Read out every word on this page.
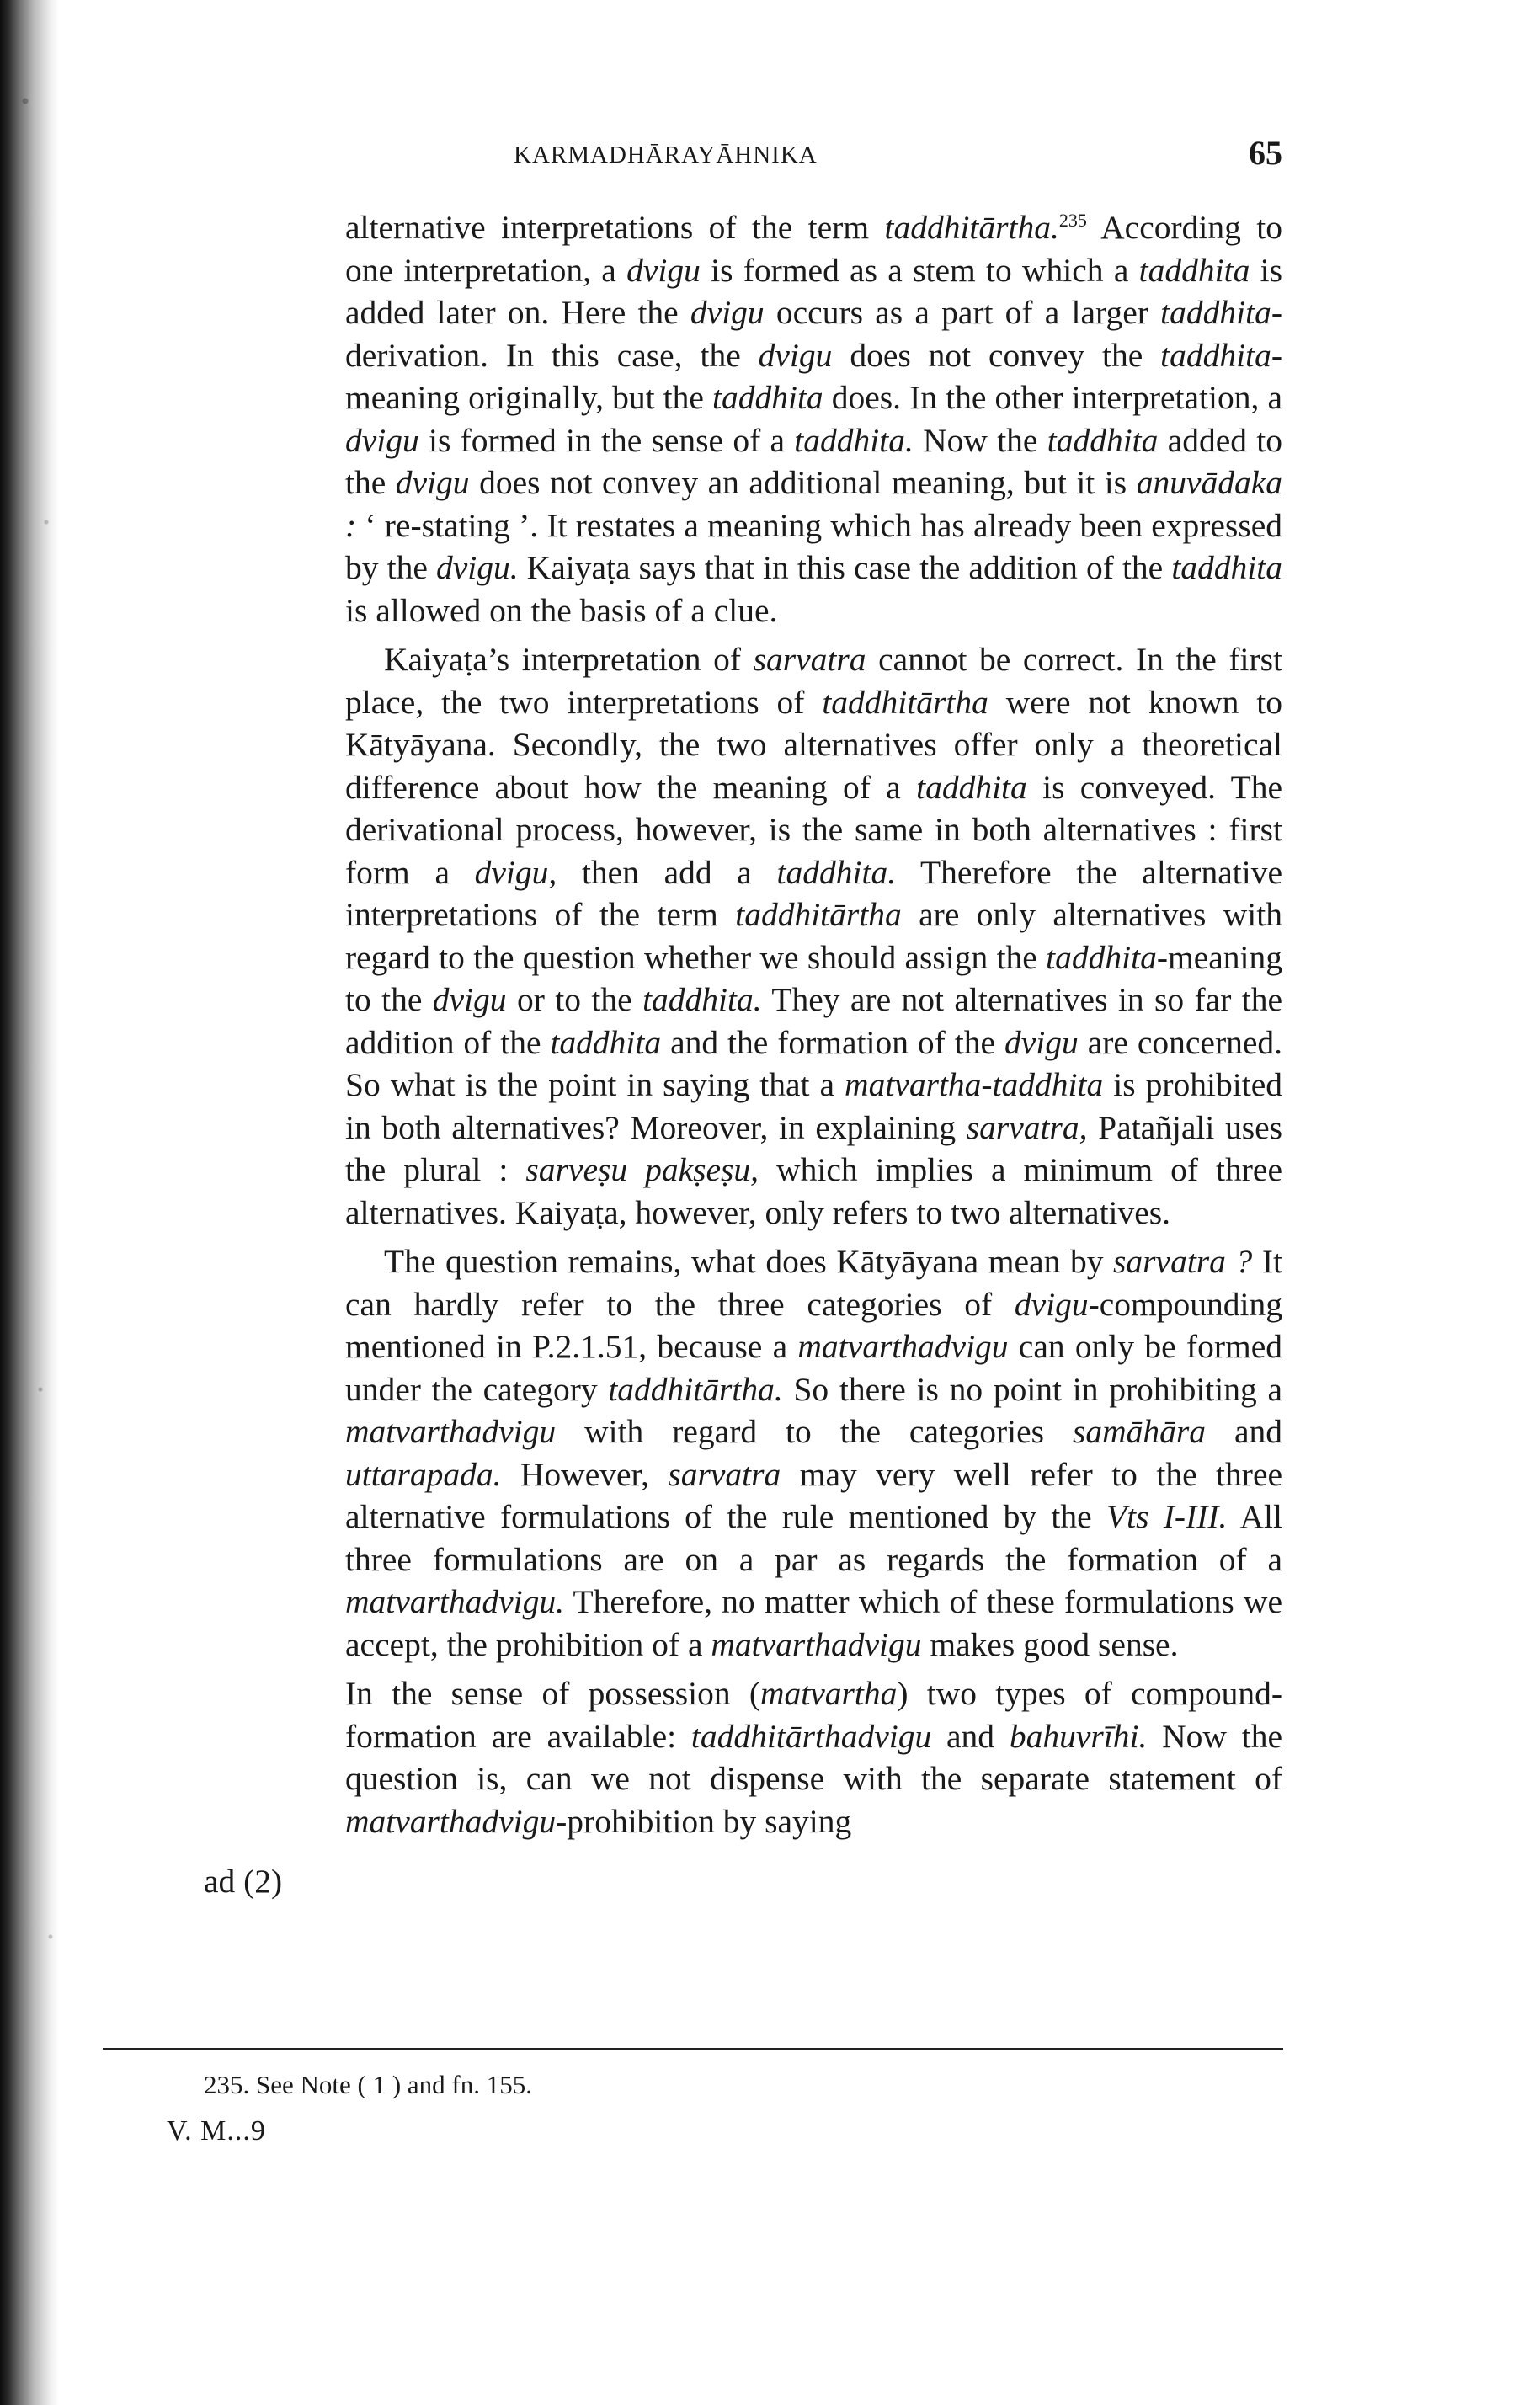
KARMADHĀRAYĀHNIKA	65

alternative interpretations of the term taddhitārtha.$^{235}$ According to one interpretation, a dvigu is formed as a stem to which a taddhita is added later on. Here the dvigu occurs as a part of a larger taddhita-derivation. In this case, the dvigu does not convey the taddhita-meaning originally, but the taddhita does. In the other interpretation, a dvigu is formed in the sense of a taddhita. Now the taddhita added to the dvigu does not convey an additional meaning, but it is anuvādaka : ‘ re-stating ’. It restates a meaning which has already been expressed by the dvigu. Kaiyaṭa says that in this case the addition of the taddhita is allowed on the basis of a clue.

Kaiyaṭa’s interpretation of sarvatra cannot be correct. In the first place, the two interpretations of taddhitārtha were not known to Kātyāyana. Secondly, the two alternatives offer only a theoretical difference about how the meaning of a taddhita is conveyed. The derivational process, however, is the same in both alternatives : first form a dvigu, then add a taddhita. Therefore the alternative interpretations of the term taddhitārtha are only alternatives with regard to the question whether we should assign the taddhita-meaning to the dvigu or to the taddhita. They are not alternatives in so far the addition of the taddhita and the formation of the dvigu are concerned. So what is the point in saying that a matvartha-taddhita is prohibited in both alternatives? Moreover, in explaining sarvatra, Patañjali uses the plural : sarveṣu pakṣeṣu, which implies a minimum of three alternatives. Kaiyaṭa, however, only refers to two alternatives.

The question remains, what does Kātyāyana mean by sarvatra ? It can hardly refer to the three categories of dvigu-compounding mentioned in P.2.1.51, because a matvarthadvigu can only be formed under the category taddhitārtha. So there is no point in prohibiting a matvarthadvigu with regard to the categories samāhāra and uttarapada. However, sarvatra may very well refer to the three alternative formulations of the rule mentioned by the Vts I-III. All three formulations are on a par as regards the formation of a matvarthadvigu. Therefore, no matter which of these formulations we accept, the prohibition of a matvarthadvigu makes good sense.

In the sense of possession (matvartha) two types of compound-formation are available: taddhitārthadvigu and bahuvrīhi. Now the question is, can we not dispense with the separate statement of matvarthadvigu-prohibition by saying

ad (2)
235. See Note ( 1 ) and fn. 155.
V. M...9
